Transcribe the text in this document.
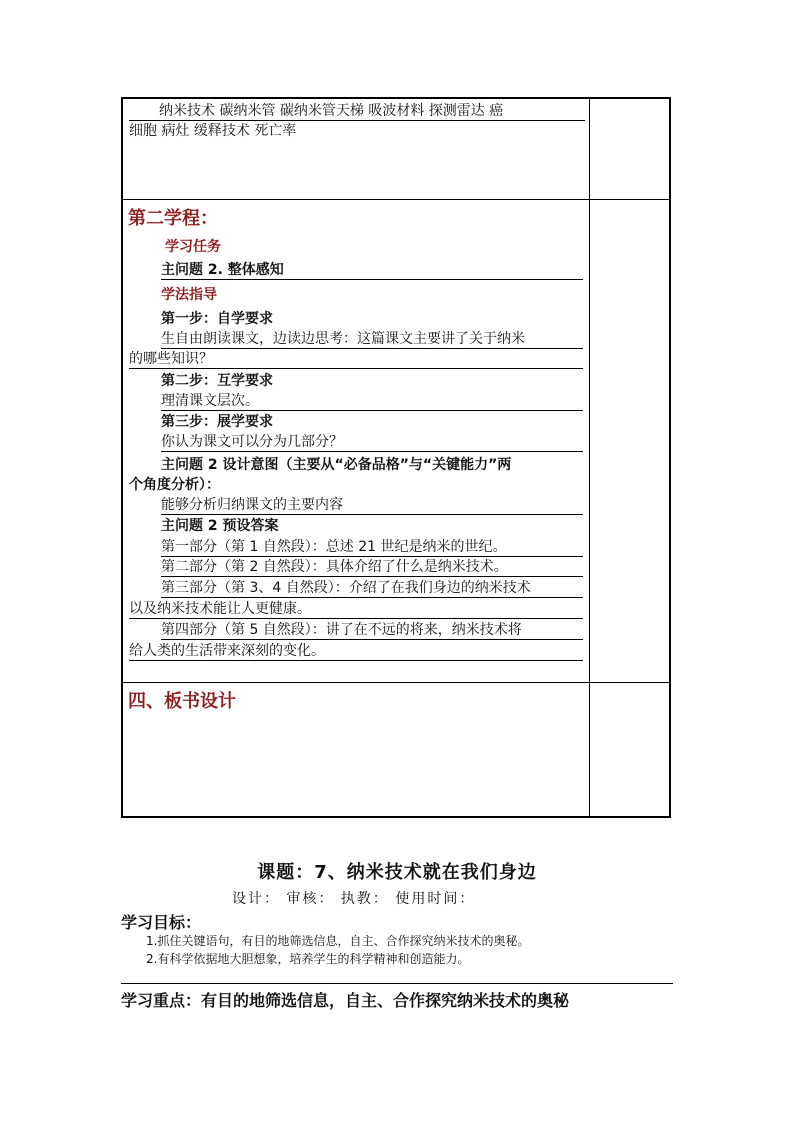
纳米技术 碳纳米管 碳纳米管天梯 吸波材料 探测雷达 癌
细胞 病灶 缓释技术 死亡率
第二学程：
学习任务
主问题 2. 整体感知
学法指导
第一步：自学要求
生自由朗读课文，边读边思考：这篇课文主要讲了关于纳米
的哪些知识？
第二步：互学要求
理清课文层次。
第三步：展学要求
你认为课文可以分为几部分？
主问题 2 设计意图（主要从“必备品格”与“关键能力”两
个角度分析）：
能够分析归纳课文的主要内容
主问题 2 预设答案
第一部分（第 1 自然段）：总述 21 世纪是纳米的世纪。
第二部分（第 2 自然段）：具体介绍了什么是纳米技术。
第三部分（第 3、4 自然段）：介绍了在我们身边的纳米技术
以及纳米技术能让人更健康。
第四部分（第 5 自然段）：讲了在不远的将来，纳米技术将
给人类的生活带来深刻的变化。
四、板书设计
课题：7、纳米技术就在我们身边
设计： 审核： 执教： 使用时间：
学习目标：
1.抓住关键语句，有目的地筛选信息，自主、合作探究纳米技术的奥秘。
2.有科学依据地大胆想象，培养学生的科学精神和创造能力。
学习重点：有目的地筛选信息，自主、合作探究纳米技术的奥秘
